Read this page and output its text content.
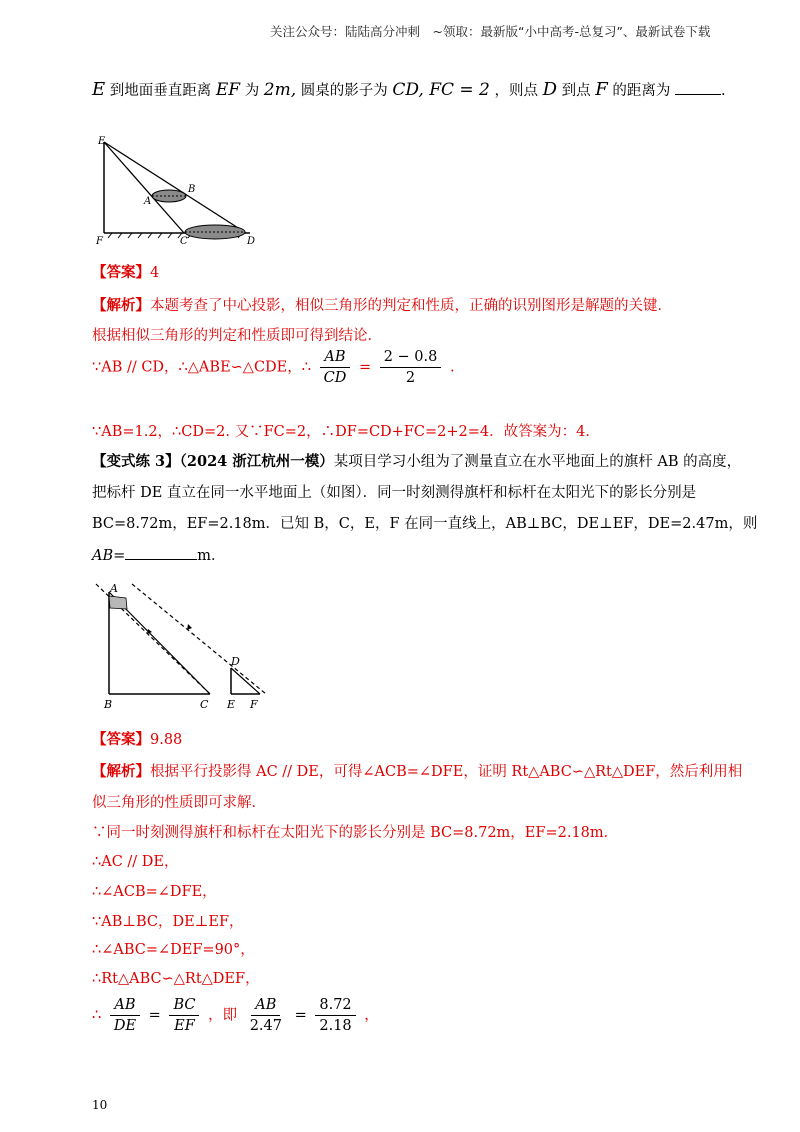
关注公众号：陆陆高分冲刺　~领取：最新版“小中高考-总复习”、最新试卷下载
E 到地面垂直距离 EF 为 2m, 圆桌的影子为 CD, FC = 2 ，则点 D 到点 F 的距离为	.
E
B
A
F	C	D
【答案】4
【解析】本题考查了中心投影，相似三角形的判定和性质，正确的识别图形是解题的关键．
根据相似三角形的判定和性质即可得到结论．
∵AB // CD，∴△ABE∽△CDE，∴ $\frac{AB}{CD} = \frac{2 - 0.8}{2}$ .
∵AB=1.2，∴CD=2. 又∵FC=2，∴DF=CD+FC=2+2=4．故答案为：4．
【变式练 3】（2024 浙江杭州一模）某项目学习小组为了测量直立在水平地面上的旗杆 AB 的高度，
把标杆 DE 直立在同一水平地面上（如图）．同一时刻测得旗杆和标杆在太阳光下的影长分别是
BC=8.72m，EF=2.18m．已知 B，C，E，F 在同一直线上，AB⊥BC，DE⊥EF，DE=2.47m，则
AB=	m．
A
B	C
D
E F
【答案】9.88
【解析】根据平行投影得 AC // DE，可得∠ACB=∠DFE，证明 Rt△ABC∽△Rt△DEF，然后利用相
似三角形的性质即可求解．
∵同一时刻测得旗杆和标杆在太阳光下的影长分别是 BC=8.72m，EF=2.18m．
∴AC // DE，
∴∠ACB=∠DFE，
∵AB⊥BC，DE⊥EF，
∴∠ABC=∠DEF=90°，
∴Rt△ABC∽△Rt△DEF，
∴ $\frac{AB}{DE} = \frac{BC}{EF}$ ，即 $\frac{AB}{2.47} = \frac{8.72}{2.18}$ ，
10
